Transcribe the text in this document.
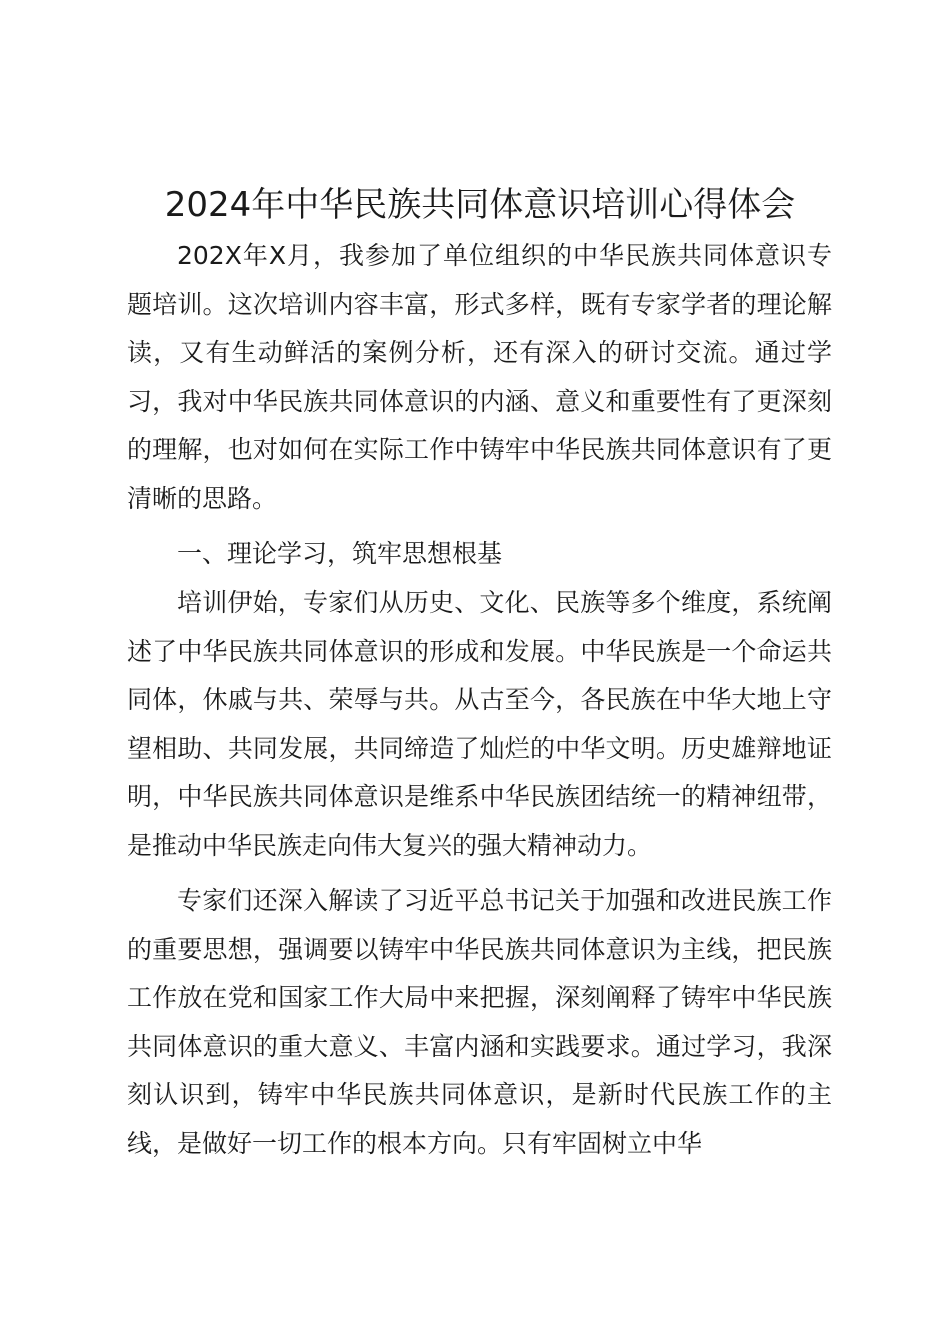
2024年中华民族共同体意识培训心得体会

202X年X月，我参加了单位组织的中华民族共同体意识专题培训。这次培训内容丰富，形式多样，既有专家学者的理论解读，又有生动鲜活的案例分析，还有深入的研讨交流。通过学习，我对中华民族共同体意识的内涵、意义和重要性有了更深刻的理解，也对如何在实际工作中铸牢中华民族共同体意识有了更清晰的思路。

一、理论学习，筑牢思想根基

培训伊始，专家们从历史、文化、民族等多个维度，系统阐述了中华民族共同体意识的形成和发展。中华民族是一个命运共同体，休戚与共、荣辱与共。从古至今，各民族在中华大地上守望相助、共同发展，共同缔造了灿烂的中华文明。历史雄辩地证明，中华民族共同体意识是维系中华民族团结统一的精神纽带，是推动中华民族走向伟大复兴的强大精神动力。

专家们还深入解读了习近平总书记关于加强和改进民族工作的重要思想，强调要以铸牢中华民族共同体意识为主线，把民族工作放在党和国家工作大局中来把握，深刻阐释了铸牢中华民族共同体意识的重大意义、丰富内涵和实践要求。通过学习，我深刻认识到，铸牢中华民族共同体意识，是新时代民族工作的主线，是做好一切工作的根本方向。只有牢固树立中华
